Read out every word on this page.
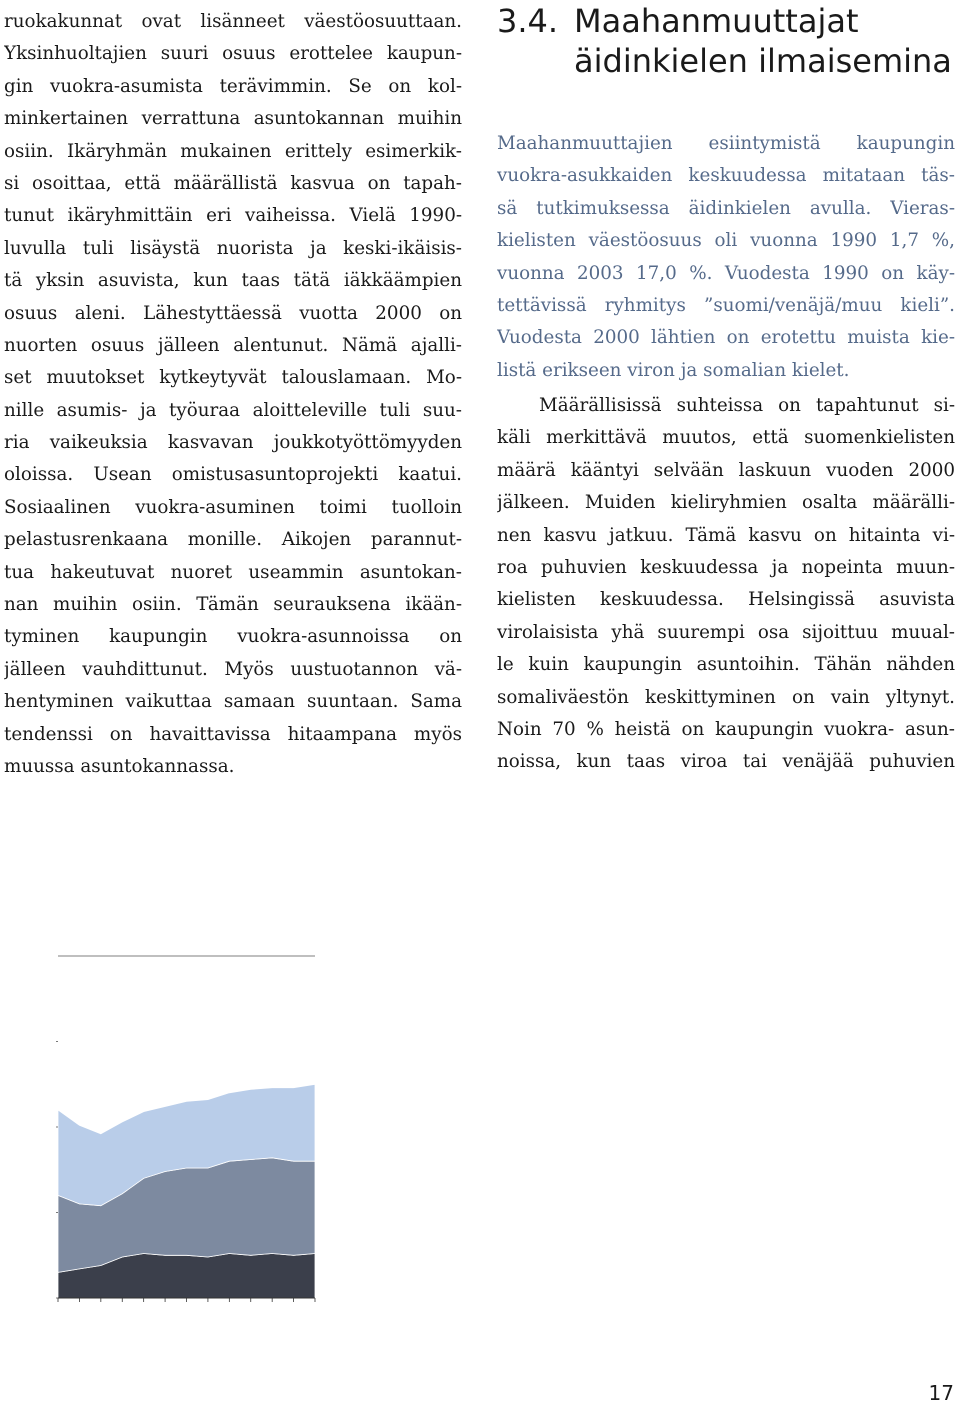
ruokakunnat ovat lisänneet väestöosuuttaan.
Yksinhuoltajien suuri osuus erottelee kaupun-
gin vuokra-asumista terävimmin. Se on kol-
minkertainen verrattuna asuntokannan muihin
osiin. Ikäryhmän mukainen erittely esimerkik-
si osoittaa, että määrällistä kasvua on tapah-
tunut ikäryhmittäin eri vaiheissa. Vielä 1990-
luvulla tuli lisäystä nuorista ja keski-ikäisis-
tä yksin asuvista, kun taas tätä iäkkäämpien
osuus aleni. Lähestyttäessä vuotta 2000 on
nuorten osuus jälleen alentunut. Nämä ajalli-
set muutokset kytkeytyvät talouslamaan. Mo-
nille asumis- ja työuraa aloitteleville tuli suu-
ria vaikeuksia kasvavan joukkotyöttömyyden
oloissa. Usean omistusasuntoprojekti kaatui.
Sosiaalinen vuokra-asuminen toimi tuolloin
pelastusrenkaana monille. Aikojen parannut-
tua hakeutuvat nuoret useammin asuntokan-
nan muihin osiin. Tämän seurauksena ikään-
tyminen kaupungin vuokra-asunnoissa on
jälleen vauhdittunut. Myös uustuotannon vä-
hentyminen vaikuttaa samaan suuntaan. Sama
tendenssi on havaittavissa hitaampana myös
muussa asuntokannassa.
3.4. Maahanmuuttajat
äidinkielen ilmaisemina
Maahanmuuttajien esiintymistä kaupungin
vuokra-asukkaiden keskuudessa mitataan täs-
sä tutkimuksessa äidinkielen avulla. Vieras-
kielisten väestöosuus oli vuonna 1990 1,7 %,
vuonna 2003 17,0 %. Vuodesta 1990 on käy-
tettävissä ryhmitys ”suomi/venäjä/muu kieli”.
Vuodesta 2000 lähtien on erotettu muista kie-
listä erikseen viron ja somalian kielet.
Määrällisissä suhteissa on tapahtunut si-
käli merkittävä muutos, että suomenkielisten
määrä kääntyi selvään laskuun vuoden 2000
jälkeen. Muiden kieliryhmien osalta määrälli-
nen kasvu jatkuu. Tämä kasvu on hitainta vi-
roa puhuvien keskuudessa ja nopeinta muun-
kielisten keskuudessa. Helsingissä asuvista
virolaisista yhä suurempi osa sijoittuu muual-
le kuin kaupungin asuntoihin. Tähän nähden
somaliväestön keskittyminen on vain yltynyt.
Noin 70 % heistä on kaupungin vuokra- asun-
noissa, kun taas viroa tai venäjää puhuvien
17
